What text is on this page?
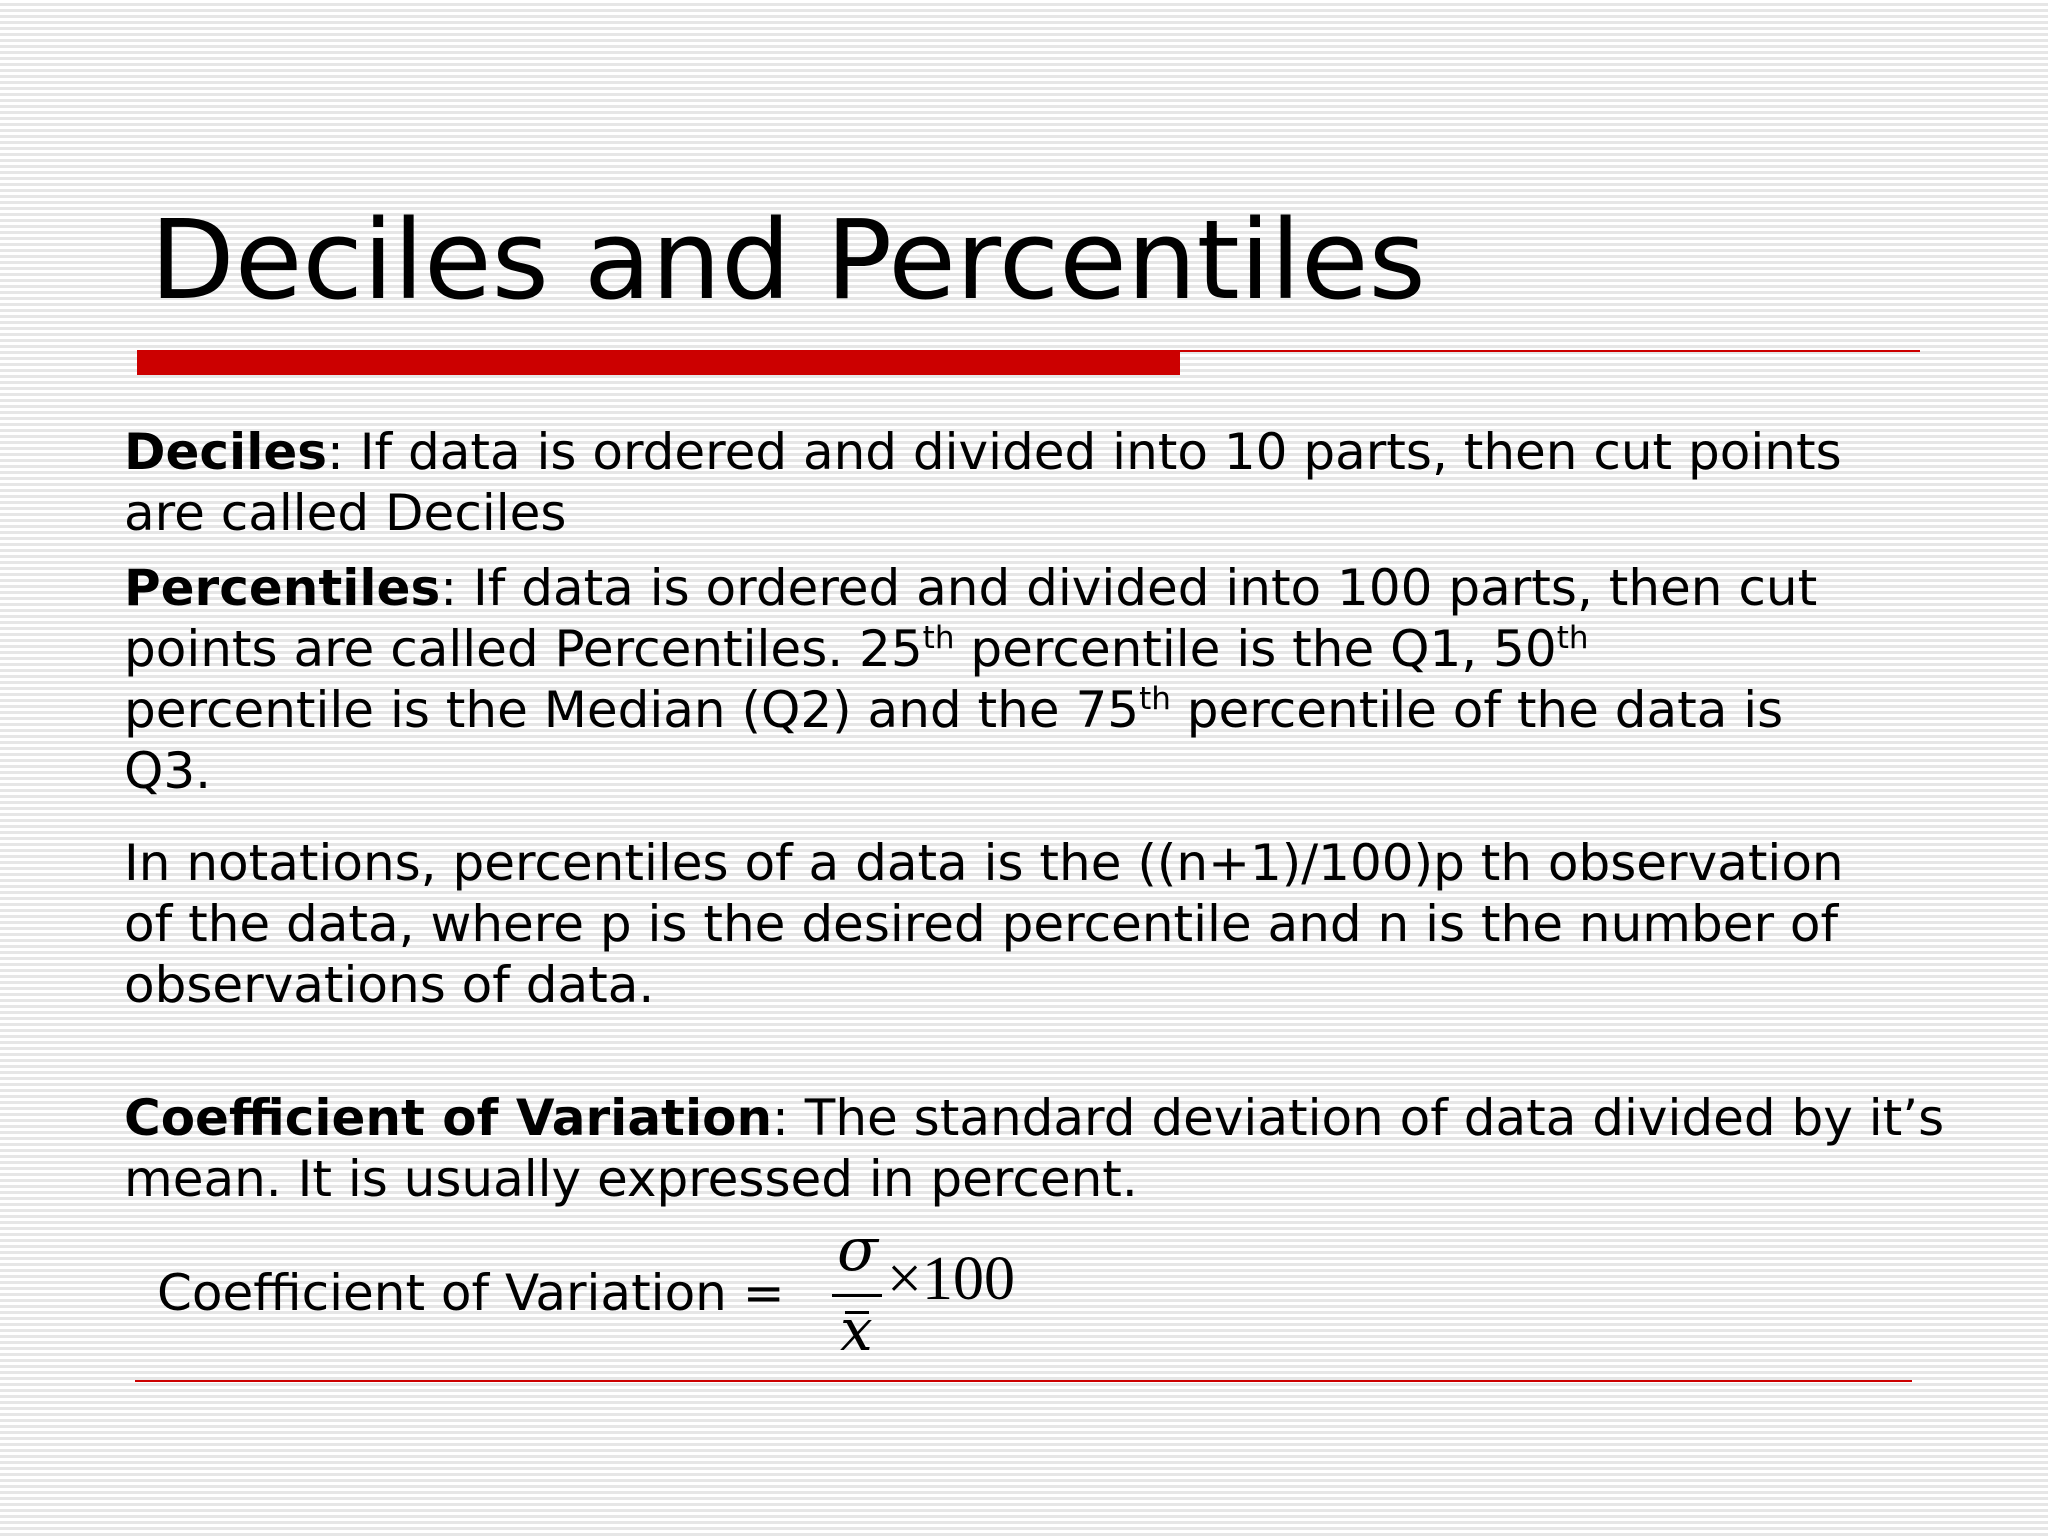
Deciles and Percentiles

Deciles: If data is ordered and divided into 10 parts, then cut points
are called Deciles

Percentiles: If data is ordered and divided into 100 parts, then cut
points are called Percentiles. 25th percentile is the Q1, 50th
percentile is the Median (Q2) and the 75th percentile of the data is
Q3.

In notations, percentiles of a data is the ((n+1)/100)p th observation
of the data, where p is the desired percentile and n is the number of
observations of data.

Coefficient of Variation: The standard deviation of data divided by it’s
mean. It is usually expressed in percent.

Coefficient of Variation =
σ
x
×100
